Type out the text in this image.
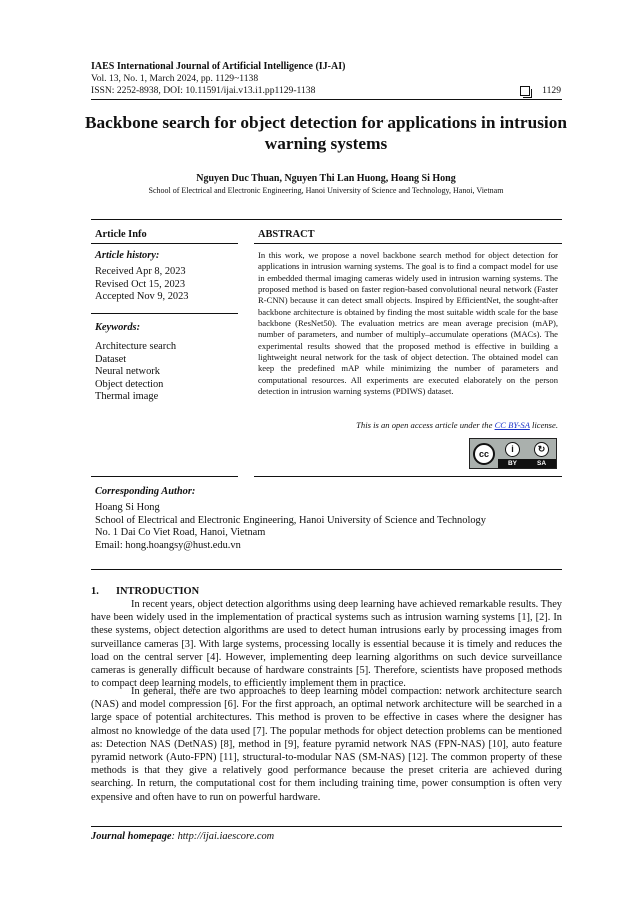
IAES International Journal of Artificial Intelligence (IJ-AI)
Vol. 13, No. 1, March 2024, pp. 1129~1138
ISSN: 2252-8938, DOI: 10.11591/ijai.v13.i1.pp1129-1138	1129
Backbone search for object detection for applications in intrusion warning systems
Nguyen Duc Thuan, Nguyen Thi Lan Huong, Hoang Si Hong
School of Electrical and Electronic Engineering, Hanoi University of Science and Technology, Hanoi, Vietnam
Article Info	ABSTRACT
Article history:
Received Apr 8, 2023
Revised Oct 15, 2023
Accepted Nov 9, 2023
Keywords:
Architecture search
Dataset
Neural network
Object detection
Thermal image
In this work, we propose a novel backbone search method for object detection for applications in intrusion warning systems. The goal is to find a compact model for use in embedded thermal imaging cameras widely used in intrusion warning systems. The proposed method is based on faster region-based convolutional neural network (Faster R-CNN) because it can detect small objects. Inspired by EfficientNet, the sought-after backbone architecture is obtained by finding the most suitable width scale for the base backbone (ResNet50). The evaluation metrics are mean average precision (mAP), number of parameters, and number of multiply–accumulate operations (MACs). The experimental results showed that the proposed method is effective in building a lightweight neural network for the task of object detection. The obtained model can keep the predefined mAP while minimizing the number of parameters and computational resources. All experiments are executed elaborately on the person detection in intrusion warning systems (PDIWS) dataset.
This is an open access article under the CC BY-SA license.
cc	i	↻
BY	SA
Corresponding Author:
Hoang Si Hong
School of Electrical and Electronic Engineering, Hanoi University of Science and Technology
No. 1 Dai Co Viet Road, Hanoi, Vietnam
Email: hong.hoangsy@hust.edu.vn
1. INTRODUCTION
In recent years, object detection algorithms using deep learning have achieved remarkable results. They have been widely used in the implementation of practical systems such as intrusion warning systems [1], [2]. In these systems, object detection algorithms are used to detect human intrusions early by processing images from surveillance cameras [3]. With large systems, processing locally is essential because it is timely and reduces the load on the central server [4]. However, implementing deep learning algorithms on such device surveillance cameras is generally difficult because of hardware constraints [5]. Therefore, scientists have proposed methods to compact deep learning models, to efficiently implement them in practice.
In general, there are two approaches to deep learning model compaction: network architecture search (NAS) and model compression [6]. For the first approach, an optimal network architecture will be searched in a large space of potential architectures. This method is proven to be effective in cases where the designer has almost no knowledge of the data used [7]. The popular methods for object detection problems can be mentioned as: Detection NAS (DetNAS) [8], method in [9], feature pyramid network NAS (FPN-NAS) [10], auto feature pyramid network (Auto-FPN) [11], structural-to-modular NAS (SM-NAS) [12]. The common property of these methods is that they give a relatively good performance because the preset criteria are achieved during searching. In return, the computational cost for them including training time, power consumption is often very expensive and often have to run on powerful hardware.
Journal homepage: http://ijai.iaescore.com
